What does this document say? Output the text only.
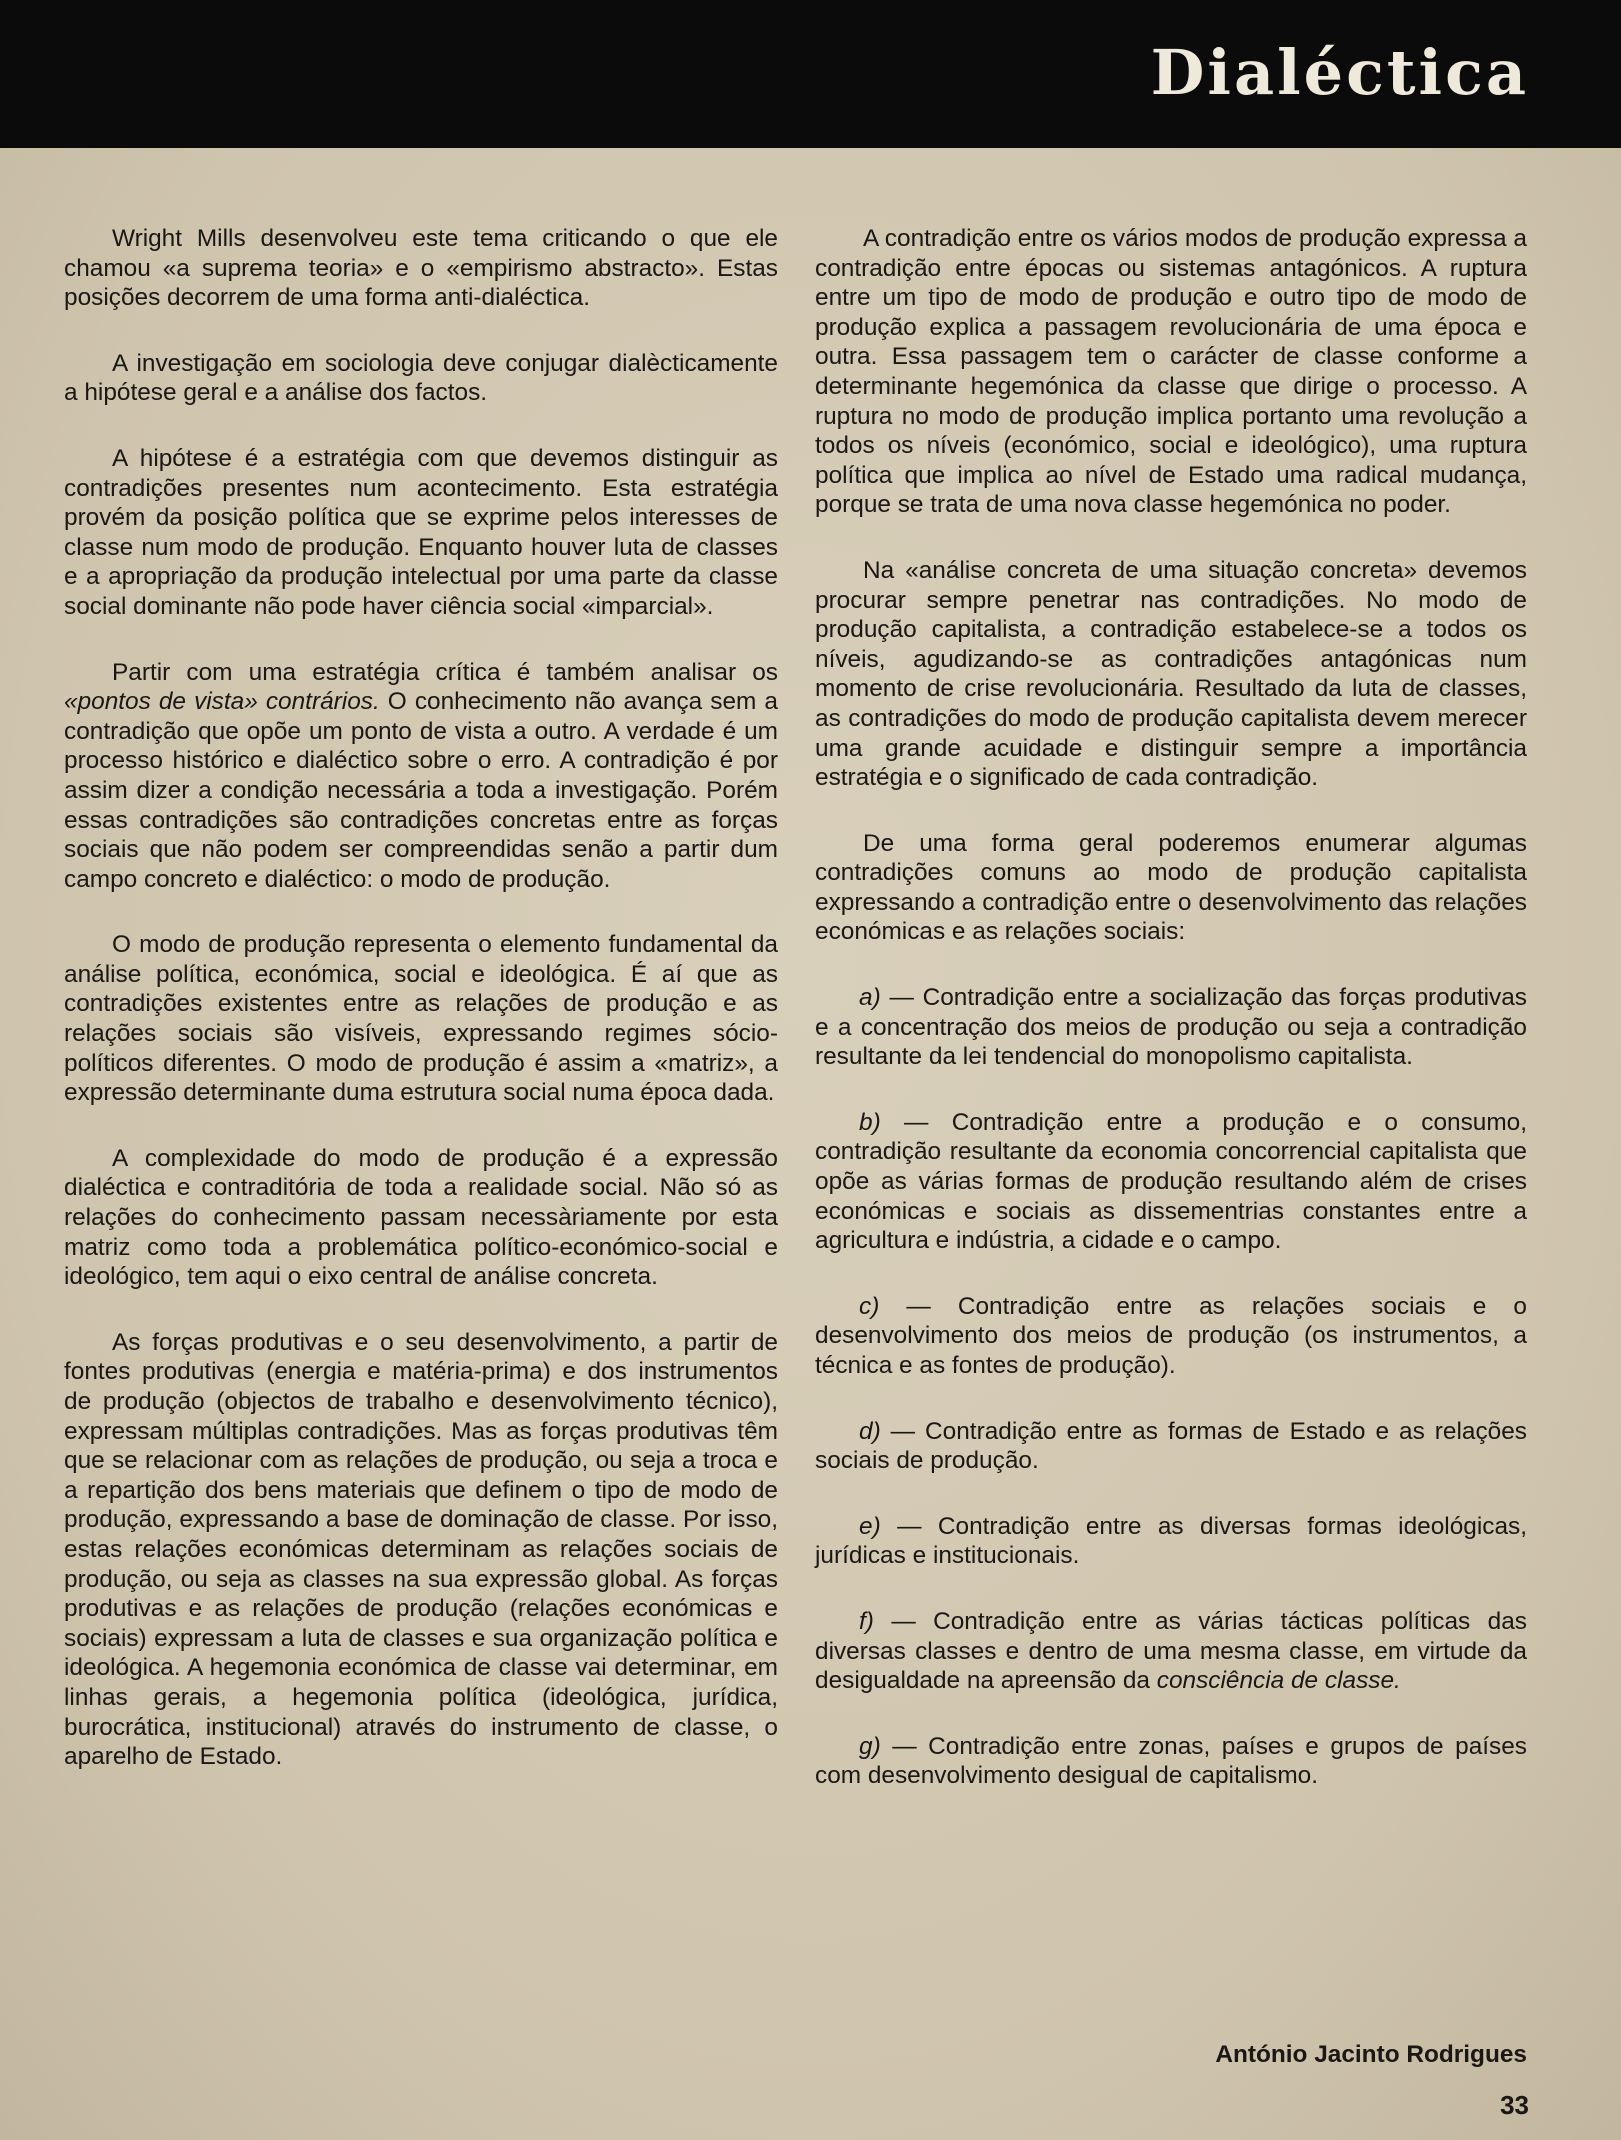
Dialéctica

Wright Mills desenvolveu este tema criticando o que ele chamou «a suprema teoria» e o «empirismo abstracto». Estas posições decorrem de uma forma anti-dialéctica.

A investigação em sociologia deve conjugar dialècticamente a hipótese geral e a análise dos factos.

A hipótese é a estratégia com que devemos distinguir as contradições presentes num acontecimento. Esta estratégia provém da posição política que se exprime pelos interesses de classe num modo de produção. Enquanto houver luta de classes e a apropriação da produção intelectual por uma parte da classe social dominante não pode haver ciência social «imparcial».

Partir com uma estratégia crítica é também analisar os «pontos de vista» contrários. O conhecimento não avança sem a contradição que opõe um ponto de vista a outro. A verdade é um processo histórico e dialéctico sobre o erro. A contradição é por assim dizer a condição necessária a toda a investigação. Porém essas contradições são contradições concretas entre as forças sociais que não podem ser compreendidas senão a partir dum campo concreto e dialéctico: o modo de produção.

O modo de produção representa o elemento fundamental da análise política, económica, social e ideológica. É aí que as contradições existentes entre as relações de produção e as relações sociais são visíveis, expressando regimes sócio-políticos diferentes. O modo de produção é assim a «matriz», a expressão determinante duma estrutura social numa época dada.

A complexidade do modo de produção é a expressão dialéctica e contraditória de toda a realidade social. Não só as relações do conhecimento passam necessàriamente por esta matriz como toda a problemática político-económico-social e ideológico, tem aqui o eixo central de análise concreta.

As forças produtivas e o seu desenvolvimento, a partir de fontes produtivas (energia e matéria-prima) e dos instrumentos de produção (objectos de trabalho e desenvolvimento técnico), expressam múltiplas contradições. Mas as forças produtivas têm que se relacionar com as relações de produção, ou seja a troca e a repartição dos bens materiais que definem o tipo de modo de produção, expressando a base de dominação de classe. Por isso, estas relações económicas determinam as relações sociais de produção, ou seja as classes na sua expressão global. As forças produtivas e as relações de produção (relações económicas e sociais) expressam a luta de classes e sua organização política e ideológica. A hegemonia económica de classe vai determinar, em linhas gerais, a hegemonia política (ideológica, jurídica, burocrática, institucional) através do instrumento de classe, o aparelho de Estado.

A contradição entre os vários modos de produção expressa a contradição entre épocas ou sistemas antagónicos. A ruptura entre um tipo de modo de produção e outro tipo de modo de produção explica a passagem revolucionária de uma época e outra. Essa passagem tem o carácter de classe conforme a determinante hegemónica da classe que dirige o processo. A ruptura no modo de produção implica portanto uma revolução a todos os níveis (económico, social e ideológico), uma ruptura política que implica ao nível de Estado uma radical mudança, porque se trata de uma nova classe hegemónica no poder.

Na «análise concreta de uma situação concreta» devemos procurar sempre penetrar nas contradições. No modo de produção capitalista, a contradição estabelece-se a todos os níveis, agudizando-se as contradições antagónicas num momento de crise revolucionária. Resultado da luta de classes, as contradições do modo de produção capitalista devem merecer uma grande acuidade e distinguir sempre a importância estratégia e o significado de cada contradição.

De uma forma geral poderemos enumerar algumas contradições comuns ao modo de produção capitalista expressando a contradição entre o desenvolvimento das relações económicas e as relações sociais:

a) — Contradição entre a socialização das forças produtivas e a concentração dos meios de produção ou seja a contradição resultante da lei tendencial do monopolismo capitalista.

b) — Contradição entre a produção e o consumo, contradição resultante da economia concorrencial capitalista que opõe as várias formas de produção resultando além de crises económicas e sociais as dissementrias constantes entre a agricultura e indústria, a cidade e o campo.

c) — Contradição entre as relações sociais e o desenvolvimento dos meios de produção (os instrumentos, a técnica e as fontes de produção).

d) — Contradição entre as formas de Estado e as relações sociais de produção.

e) — Contradição entre as diversas formas ideológicas, jurídicas e institucionais.

f) — Contradição entre as várias tácticas políticas das diversas classes e dentro de uma mesma classe, em virtude da desigualdade na apreensão da consciência de classe.

g) — Contradição entre zonas, países e grupos de países com desenvolvimento desigual de capitalismo.

António Jacinto Rodrigues
33
